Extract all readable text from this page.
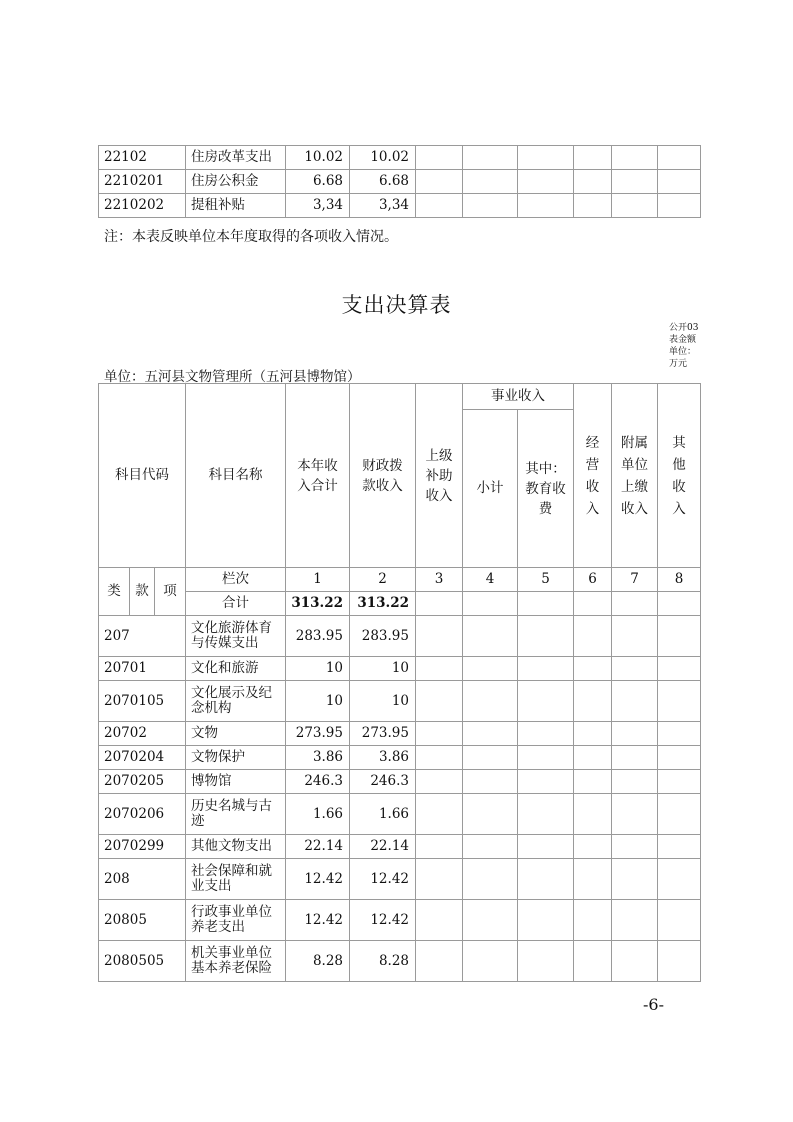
22102	住房改革支出	10.02	10.02						
2210201	住房公积金	6.68	6.68						
2210202	提租补贴	3,34	3,34						
注：本表反映单位本年度取得的各项收入情况。
支出决算表
公开03表金额单位：万元
单位：五河县文物管理所（五河县博物馆）
科目代码			科目名称	本年收入合计	财政拨款收入	上级补助收入	事业收入		经营收入	附属单位上缴收入	其他收入
							小计	其中：教育收费			
类	款	项	栏次	1	2	3	4	5	6	7	8
			合计	313.22	313.22						
207			文化旅游体育与传媒支出	283.95	283.95						
20701			文化和旅游	10	10						
2070105			文化展示及纪念机构	10	10						
20702			文物	273.95	273.95						
2070204			文物保护	3.86	3.86						
2070205			博物馆	246.3	246.3						
2070206			历史名城与古迹	1.66	1.66						
2070299			其他文物支出	22.14	22.14						
208			社会保障和就业支出	12.42	12.42						
20805			行政事业单位养老支出	12.42	12.42						
2080505			机关事业单位基本养老保险	8.28	8.28						
-6-
